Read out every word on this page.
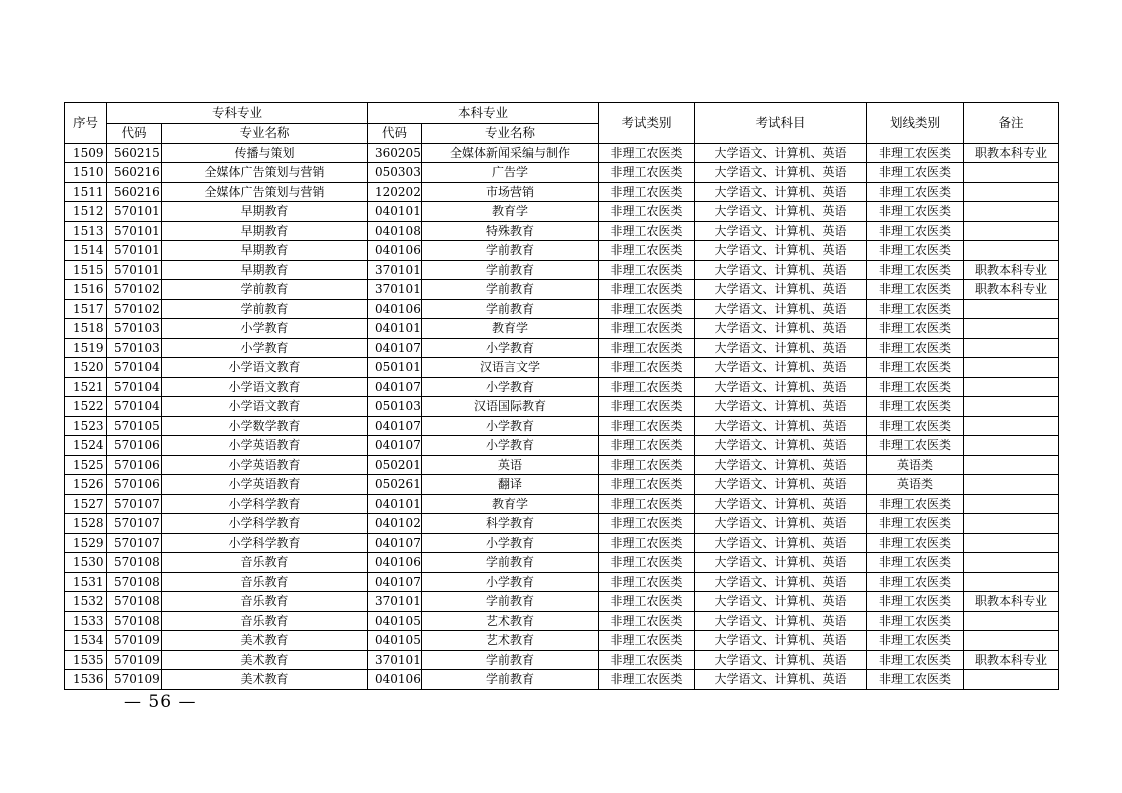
序号	专科专业		本科专业		考试类别	考试科目	划线类别	备注
	代码	专业名称	代码	专业名称				
1509	560215	传播与策划	360205	全媒体新闻采编与制作	非理工农医类	大学语文、计算机、英语	非理工农医类	职教本科专业
1510	560216	全媒体广告策划与营销	050303	广告学	非理工农医类	大学语文、计算机、英语	非理工农医类	
1511	560216	全媒体广告策划与营销	120202	市场营销	非理工农医类	大学语文、计算机、英语	非理工农医类	
1512	570101	早期教育	040101	教育学	非理工农医类	大学语文、计算机、英语	非理工农医类	
1513	570101	早期教育	040108	特殊教育	非理工农医类	大学语文、计算机、英语	非理工农医类	
1514	570101	早期教育	040106	学前教育	非理工农医类	大学语文、计算机、英语	非理工农医类	
1515	570101	早期教育	370101	学前教育	非理工农医类	大学语文、计算机、英语	非理工农医类	职教本科专业
1516	570102	学前教育	370101	学前教育	非理工农医类	大学语文、计算机、英语	非理工农医类	职教本科专业
1517	570102	学前教育	040106	学前教育	非理工农医类	大学语文、计算机、英语	非理工农医类	
1518	570103	小学教育	040101	教育学	非理工农医类	大学语文、计算机、英语	非理工农医类	
1519	570103	小学教育	040107	小学教育	非理工农医类	大学语文、计算机、英语	非理工农医类	
1520	570104	小学语文教育	050101	汉语言文学	非理工农医类	大学语文、计算机、英语	非理工农医类	
1521	570104	小学语文教育	040107	小学教育	非理工农医类	大学语文、计算机、英语	非理工农医类	
1522	570104	小学语文教育	050103	汉语国际教育	非理工农医类	大学语文、计算机、英语	非理工农医类	
1523	570105	小学数学教育	040107	小学教育	非理工农医类	大学语文、计算机、英语	非理工农医类	
1524	570106	小学英语教育	040107	小学教育	非理工农医类	大学语文、计算机、英语	非理工农医类	
1525	570106	小学英语教育	050201	英语	非理工农医类	大学语文、计算机、英语	英语类	
1526	570106	小学英语教育	050261	翻译	非理工农医类	大学语文、计算机、英语	英语类	
1527	570107	小学科学教育	040101	教育学	非理工农医类	大学语文、计算机、英语	非理工农医类	
1528	570107	小学科学教育	040102	科学教育	非理工农医类	大学语文、计算机、英语	非理工农医类	
1529	570107	小学科学教育	040107	小学教育	非理工农医类	大学语文、计算机、英语	非理工农医类	
1530	570108	音乐教育	040106	学前教育	非理工农医类	大学语文、计算机、英语	非理工农医类	
1531	570108	音乐教育	040107	小学教育	非理工农医类	大学语文、计算机、英语	非理工农医类	
1532	570108	音乐教育	370101	学前教育	非理工农医类	大学语文、计算机、英语	非理工农医类	职教本科专业
1533	570108	音乐教育	040105	艺术教育	非理工农医类	大学语文、计算机、英语	非理工农医类	
1534	570109	美术教育	040105	艺术教育	非理工农医类	大学语文、计算机、英语	非理工农医类	
1535	570109	美术教育	370101	学前教育	非理工农医类	大学语文、计算机、英语	非理工农医类	职教本科专业
1536	570109	美术教育	040106	学前教育	非理工农医类	大学语文、计算机、英语	非理工农医类	
— 56 —
